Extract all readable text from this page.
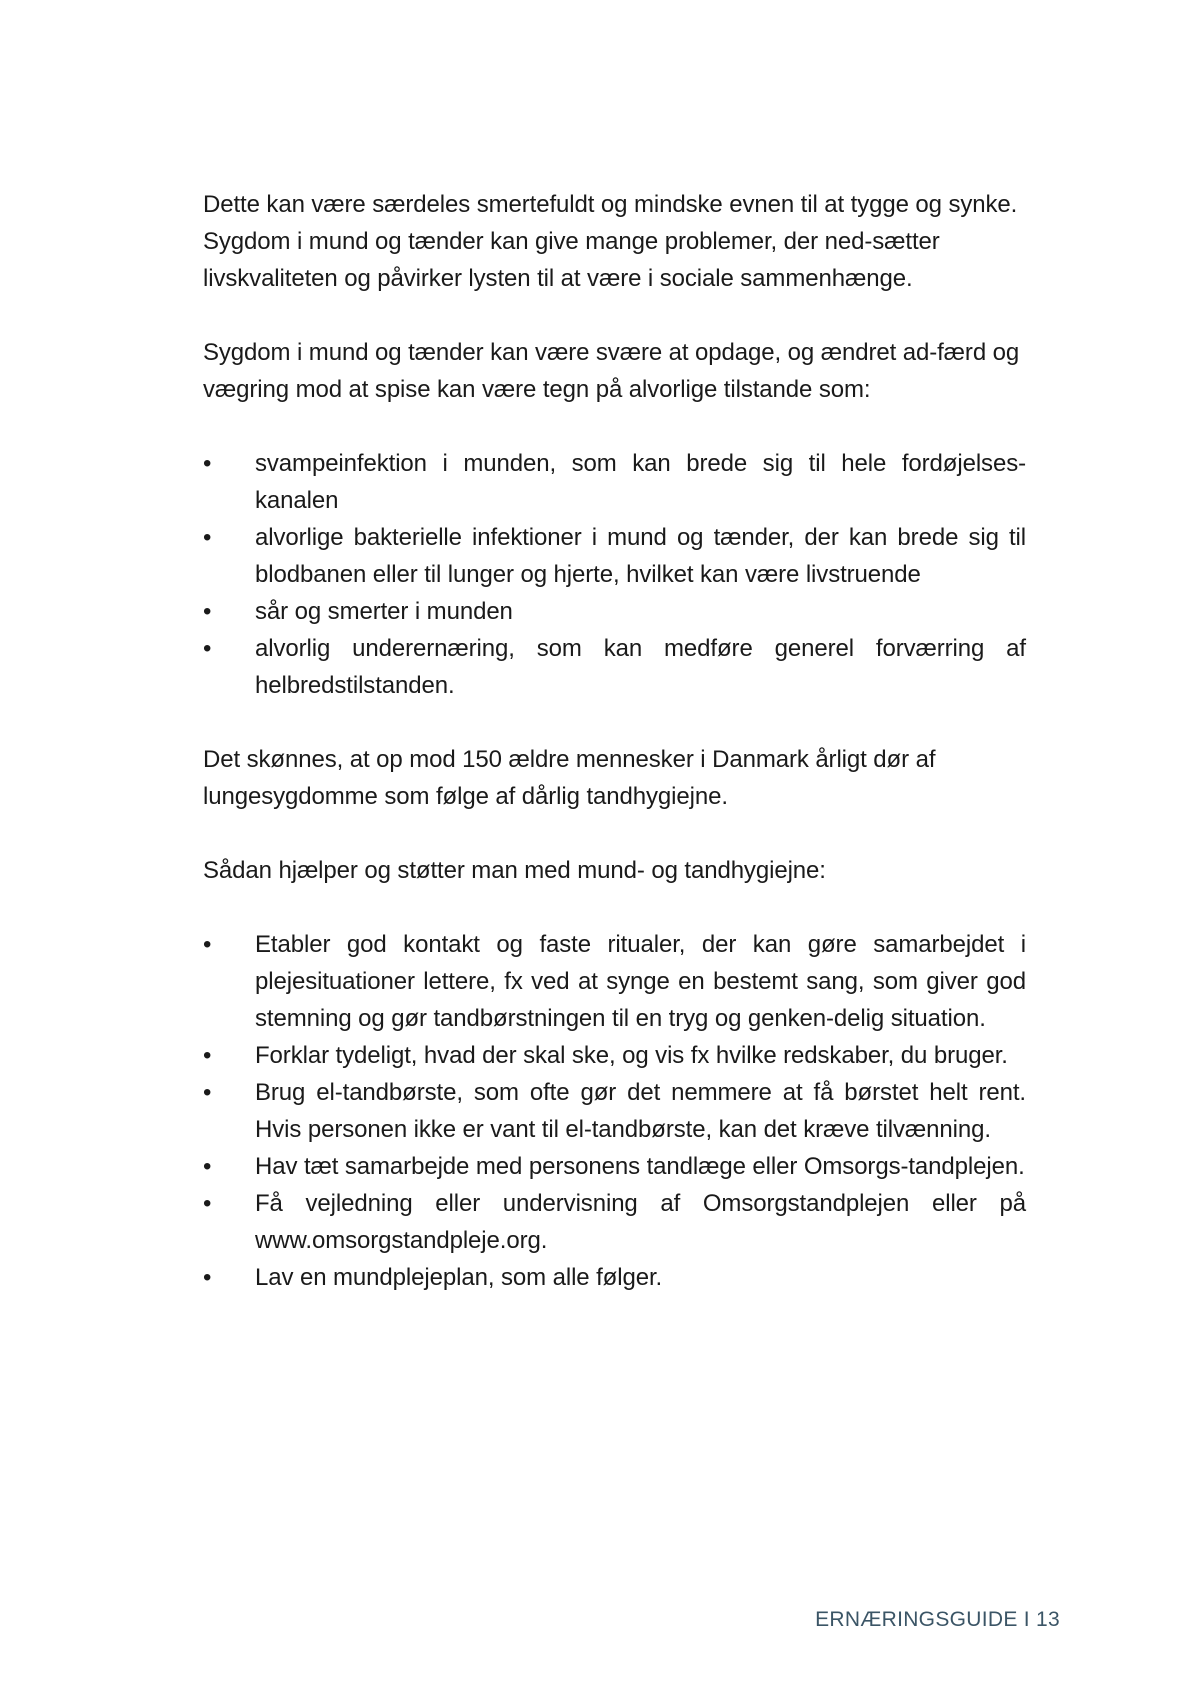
Dette kan være særdeles smertefuldt og mindske evnen til at tygge og synke. Sygdom i mund og tænder kan give mange problemer, der ned-sætter livskvaliteten og påvirker lysten til at være i sociale sammenhænge.

Sygdom i mund og tænder kan være svære at opdage, og ændret ad-færd og vægring mod at spise kan være tegn på alvorlige tilstande som:

•	svampeinfektion i munden, som kan brede sig til hele fordøjelses-kanalen
•	alvorlige bakterielle infektioner i mund og tænder, der kan brede sig til blodbanen eller til lunger og hjerte, hvilket kan være livstruende
•	sår og smerter i munden
•	alvorlig underernæring, som kan medføre generel forværring af helbredstilstanden.

Det skønnes, at op mod 150 ældre mennesker i Danmark årligt dør af lungesygdomme som følge af dårlig tandhygiejne.

Sådan hjælper og støtter man med mund- og tandhygiejne:

•	Etabler god kontakt og faste ritualer, der kan gøre samarbejdet i plejesituationer lettere, fx ved at synge en bestemt sang, som giver god stemning og gør tandbørstningen til en tryg og genken-delig situation.
•	Forklar tydeligt, hvad der skal ske, og vis fx hvilke redskaber, du bruger.
•	Brug el-tandbørste, som ofte gør det nemmere at få børstet helt rent. Hvis personen ikke er vant til el-tandbørste, kan det kræve tilvænning.
•	Hav tæt samarbejde med personens tandlæge eller Omsorgs-tandplejen.
•	Få vejledning eller undervisning af Omsorgstandplejen eller på www.omsorgstandpleje.org.
•	Lav en mundplejeplan, som alle følger.
ERNÆRINGSGUIDE I 13
